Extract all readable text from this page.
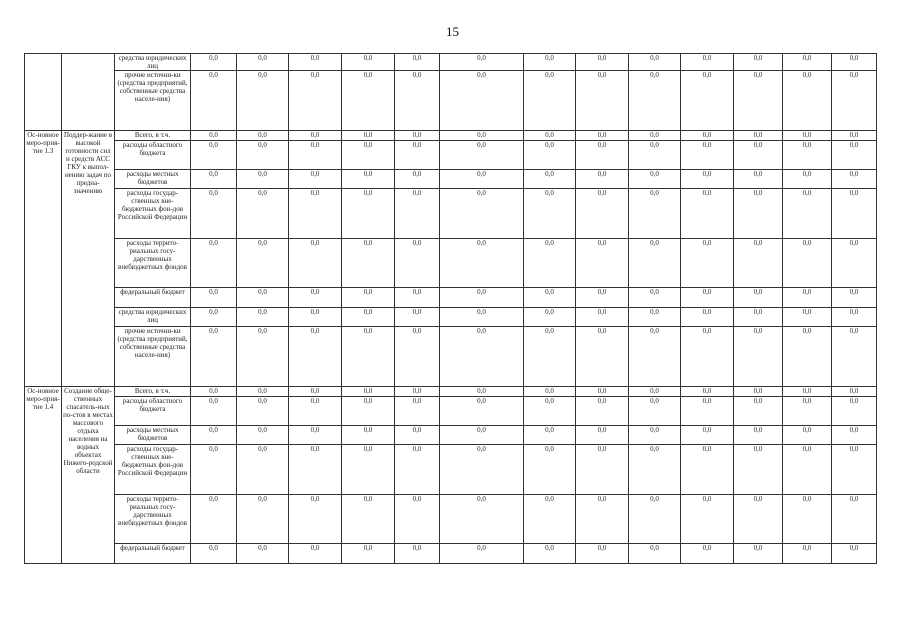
15
		средства юридических лиц	0,0	0,0	0,0	0,0	0,0	0,0	0,0	0,0	0,0	0,0	0,0	0,0	0,0
		прочие источни-ки (средства предприятий, собственные средства населе-ния)	0,0	0,0	0,0	0,0	0,0	0,0	0,0	0,0	0,0	0,0	0,0	0,0	0,0
Ос-новное меро-прия-тие 1.3	Поддер-жание в высокой готовности сил и средств АСС ГКУ к выпол-нению задач по предна-значению	Всего, в т.ч.	0,0	0,0	0,0	0,0	0,0	0,0	0,0	0,0	0,0	0,0	0,0	0,0	0,0
		расходы областного бюджета	0,0	0,0	0,0	0,0	0,0	0,0	0,0	0,0	0,0	0,0	0,0	0,0	0,0
		расходы местных бюджетов	0,0	0,0	0,0	0,0	0,0	0,0	0,0	0,0	0,0	0,0	0,0	0,0	0,0
		расходы государ-ственных вне-бюджетных фон-дов Российской Федерации	0,0	0,0	0,0	0,0	0,0	0,0	0,0	0,0	0,0	0,0	0,0	0,0	0,0
		расходы террито-риальных госу-дарственных внебюджетных фондов	0,0	0,0	0,0	0,0	0,0	0,0	0,0	0,0	0,0	0,0	0,0	0,0	0,0
		федеральный бюджет	0,0	0,0	0,0	0,0	0,0	0,0	0,0	0,0	0,0	0,0	0,0	0,0	0,0
		средства юридических лиц	0,0	0,0	0,0	0,0	0,0	0,0	0,0	0,0	0,0	0,0	0,0	0,0	0,0
		прочие источни-ки (средства предприятий, собственные средства населе-ния)	0,0	0,0	0,0	0,0	0,0	0,0	0,0	0,0	0,0	0,0	0,0	0,0	0,0
Ос-новное меро-прия-тие 1.4	Создание обще-ственных спасатель-ных по-стов в местах массового отдыха населения на водных объектах Нижего-родской области	Всего, в т.ч.	0,0	0,0	0,0	0,0	0,0	0,0	0,0	0,0	0,0	0,0	0,0	0,0	0,0
		расходы областного бюджета	0,0	0,0	0,0	0,0	0,0	0,0	0,0	0,0	0,0	0,0	0,0	0,0	0,0
		расходы местных бюджетов	0,0	0,0	0,0	0,0	0,0	0,0	0,0	0,0	0,0	0,0	0,0	0,0	0,0
		расходы государ-ственных вне-бюджетных фон-дов Российской Федерации	0,0	0,0	0,0	0,0	0,0	0,0	0,0	0,0	0,0	0,0	0,0	0,0	0,0
		расходы террито-риальных госу-дарственных внебюджетных фондов	0,0	0,0	0,0	0,0	0,0	0,0	0,0	0,0	0,0	0,0	0,0	0,0	0,0
		федеральный бюджет	0,0	0,0	0,0	0,0	0,0	0,0	0,0	0,0	0,0	0,0	0,0	0,0	0,0
